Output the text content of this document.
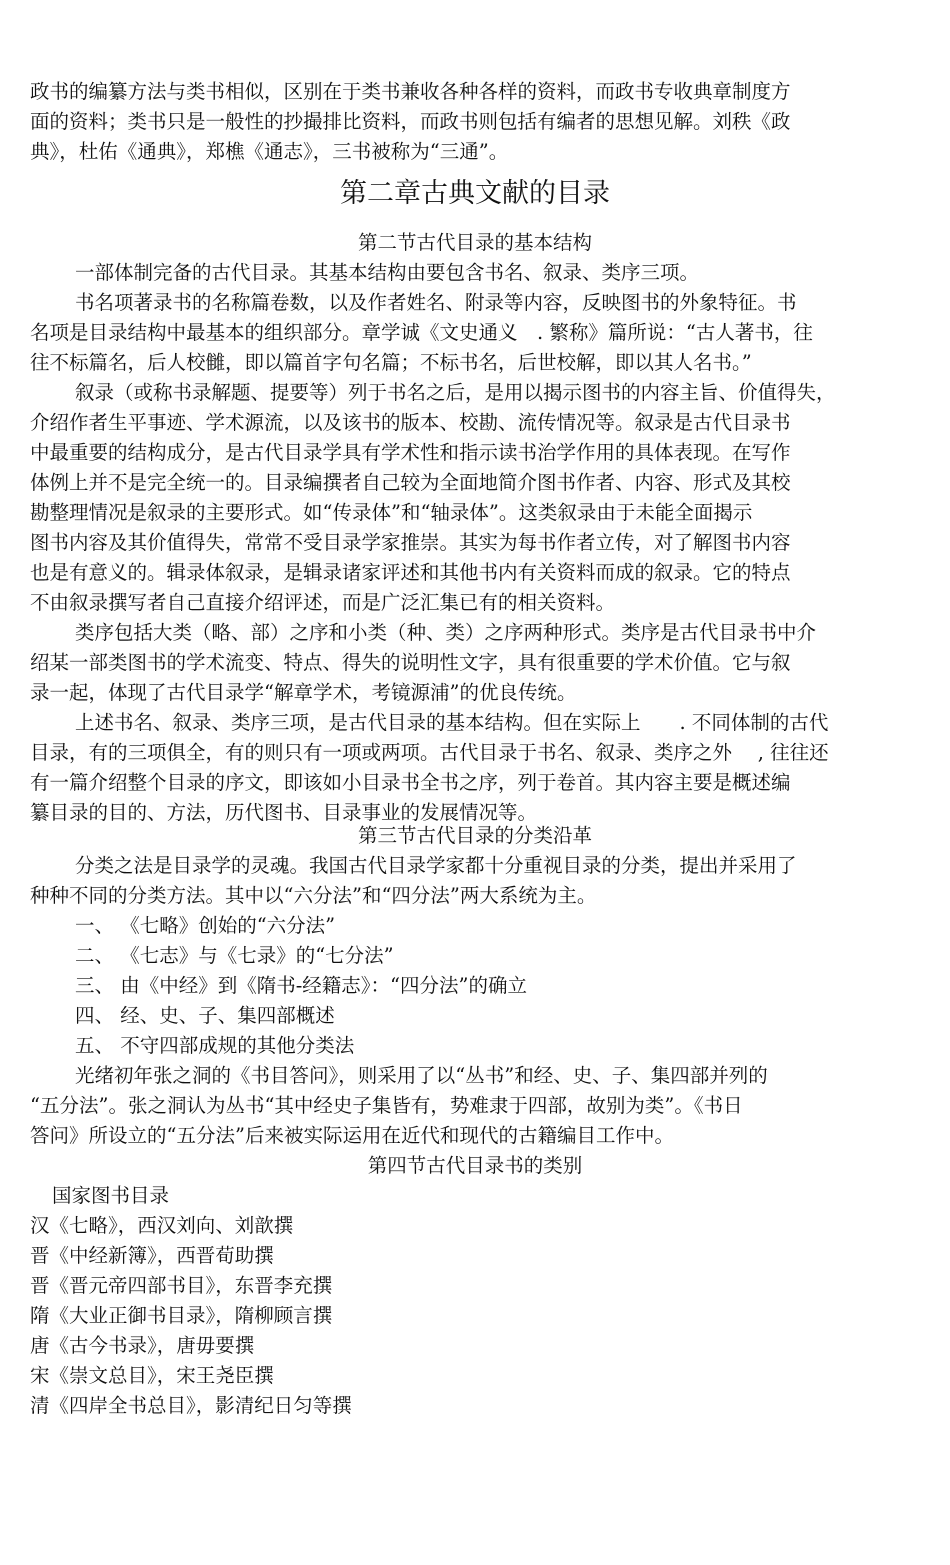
政书的编纂方法与类书相似，区别在于类书兼收各种各样的资料，而政书专收典章制度方
面的资料；类书只是一般性的抄撮排比资料，而政书则包括有编者的思想见解。刘秩《政
典》，杜佑《通典》，郑樵《通志》，三书被称为“三通”。
第二章古典文献的目录
第二节古代目录的基本结构
一部体制完备的古代目录。其基本结构由要包含书名、叙录、类序三项。
书名项著录书的名称篇卷数，以及作者姓名、附录等内容，反映图书的外象特征。书
名项是目录结构中最基本的组织部分。章学诚《文史通义　. 繁称》篇所说：“古人著书，往
往不标篇名，后人校雠，即以篇首字句名篇；不标书名，后世校解，即以其人名书。”
叙录（或称书录解题、提要等）列于书名之后，是用以揭示图书的内容主旨、价值得失，
介绍作者生平事迹、学术源流，以及该书的版本、校勘、流传情况等。叙录是古代目录书
中最重要的结构成分，是古代目录学具有学术性和指示读书治学作用的具体表现。在写作
体例上并不是完全统一的。目录编撰者自己较为全面地简介图书作者、内容、形式及其校
勘整理情况是叙录的主要形式。如“传录体”和“轴录体”。这类叙录由于未能全面揭示
图书内容及其价值得失，常常不受目录学家推崇。其实为每书作者立传，对了解图书内容
也是有意义的。辑录体叙录，是辑录诸家评述和其他书内有关资料而成的叙录。它的特点
不由叙录撰写者自己直接介绍评述，而是广泛汇集已有的相关资料。
类序包括大类（略、部）之序和小类（种、类）之序两种形式。类序是古代目录书中介
绍某一部类图书的学术流变、特点、得失的说明性文字，具有很重要的学术价值。它与叙
录一起，体现了古代目录学“解章学术，考镜源浦”的优良传统。
上述书名、叙录、类序三项，是古代目录的基本结构。但在实际上　　. 不同体制的古代
目录，有的三项俱全，有的则只有一项或两项。古代目录于书名、叙录、类序之外　 , 往往还
有一篇介绍整个目录的序文，即该如小目录书全书之序，列于卷首。其内容主要是概述编
纂目录的目的、方法，历代图书、目录事业的发展情况等。
第三节古代目录的分类沿革
分类之法是目录学的灵魂。我国古代目录学家都十分重视目录的分类，提出并采用了
种种不同的分类方法。其中以“六分法”和“四分法”两大系统为主。
一、 《七略》创始的“六分法”
二、 《七志》与《七录》的“七分法”
三、 由《中经》到《隋书-经籍志》：“四分法”的确立
四、 经、史、子、集四部概述
五、 不守四部成规的其他分类法
光绪初年张之洞的《书目答问》，则采用了以“丛书”和经、史、子、集四部并列的
“五分法”。张之洞认为丛书“其中经史子集皆有，势难隶于四部，故别为类”。《书日
答问》所设立的“五分法”后来被实际运用在近代和现代的古籍编目工作中。
第四节古代目录书的类别
国家图书目录
汉《七略》，西汉刘向、刘歆撰
晋《中经新簿》，西晋荀助撰
晋《晋元帝四部书目》，东晋李充撰
隋《大业正御书目录》，隋柳顾言撰
唐《古今书录》，唐毋要撰
宋《崇文总目》，宋王尧臣撰
清《四岸全书总目》，影清纪日匀等撰
